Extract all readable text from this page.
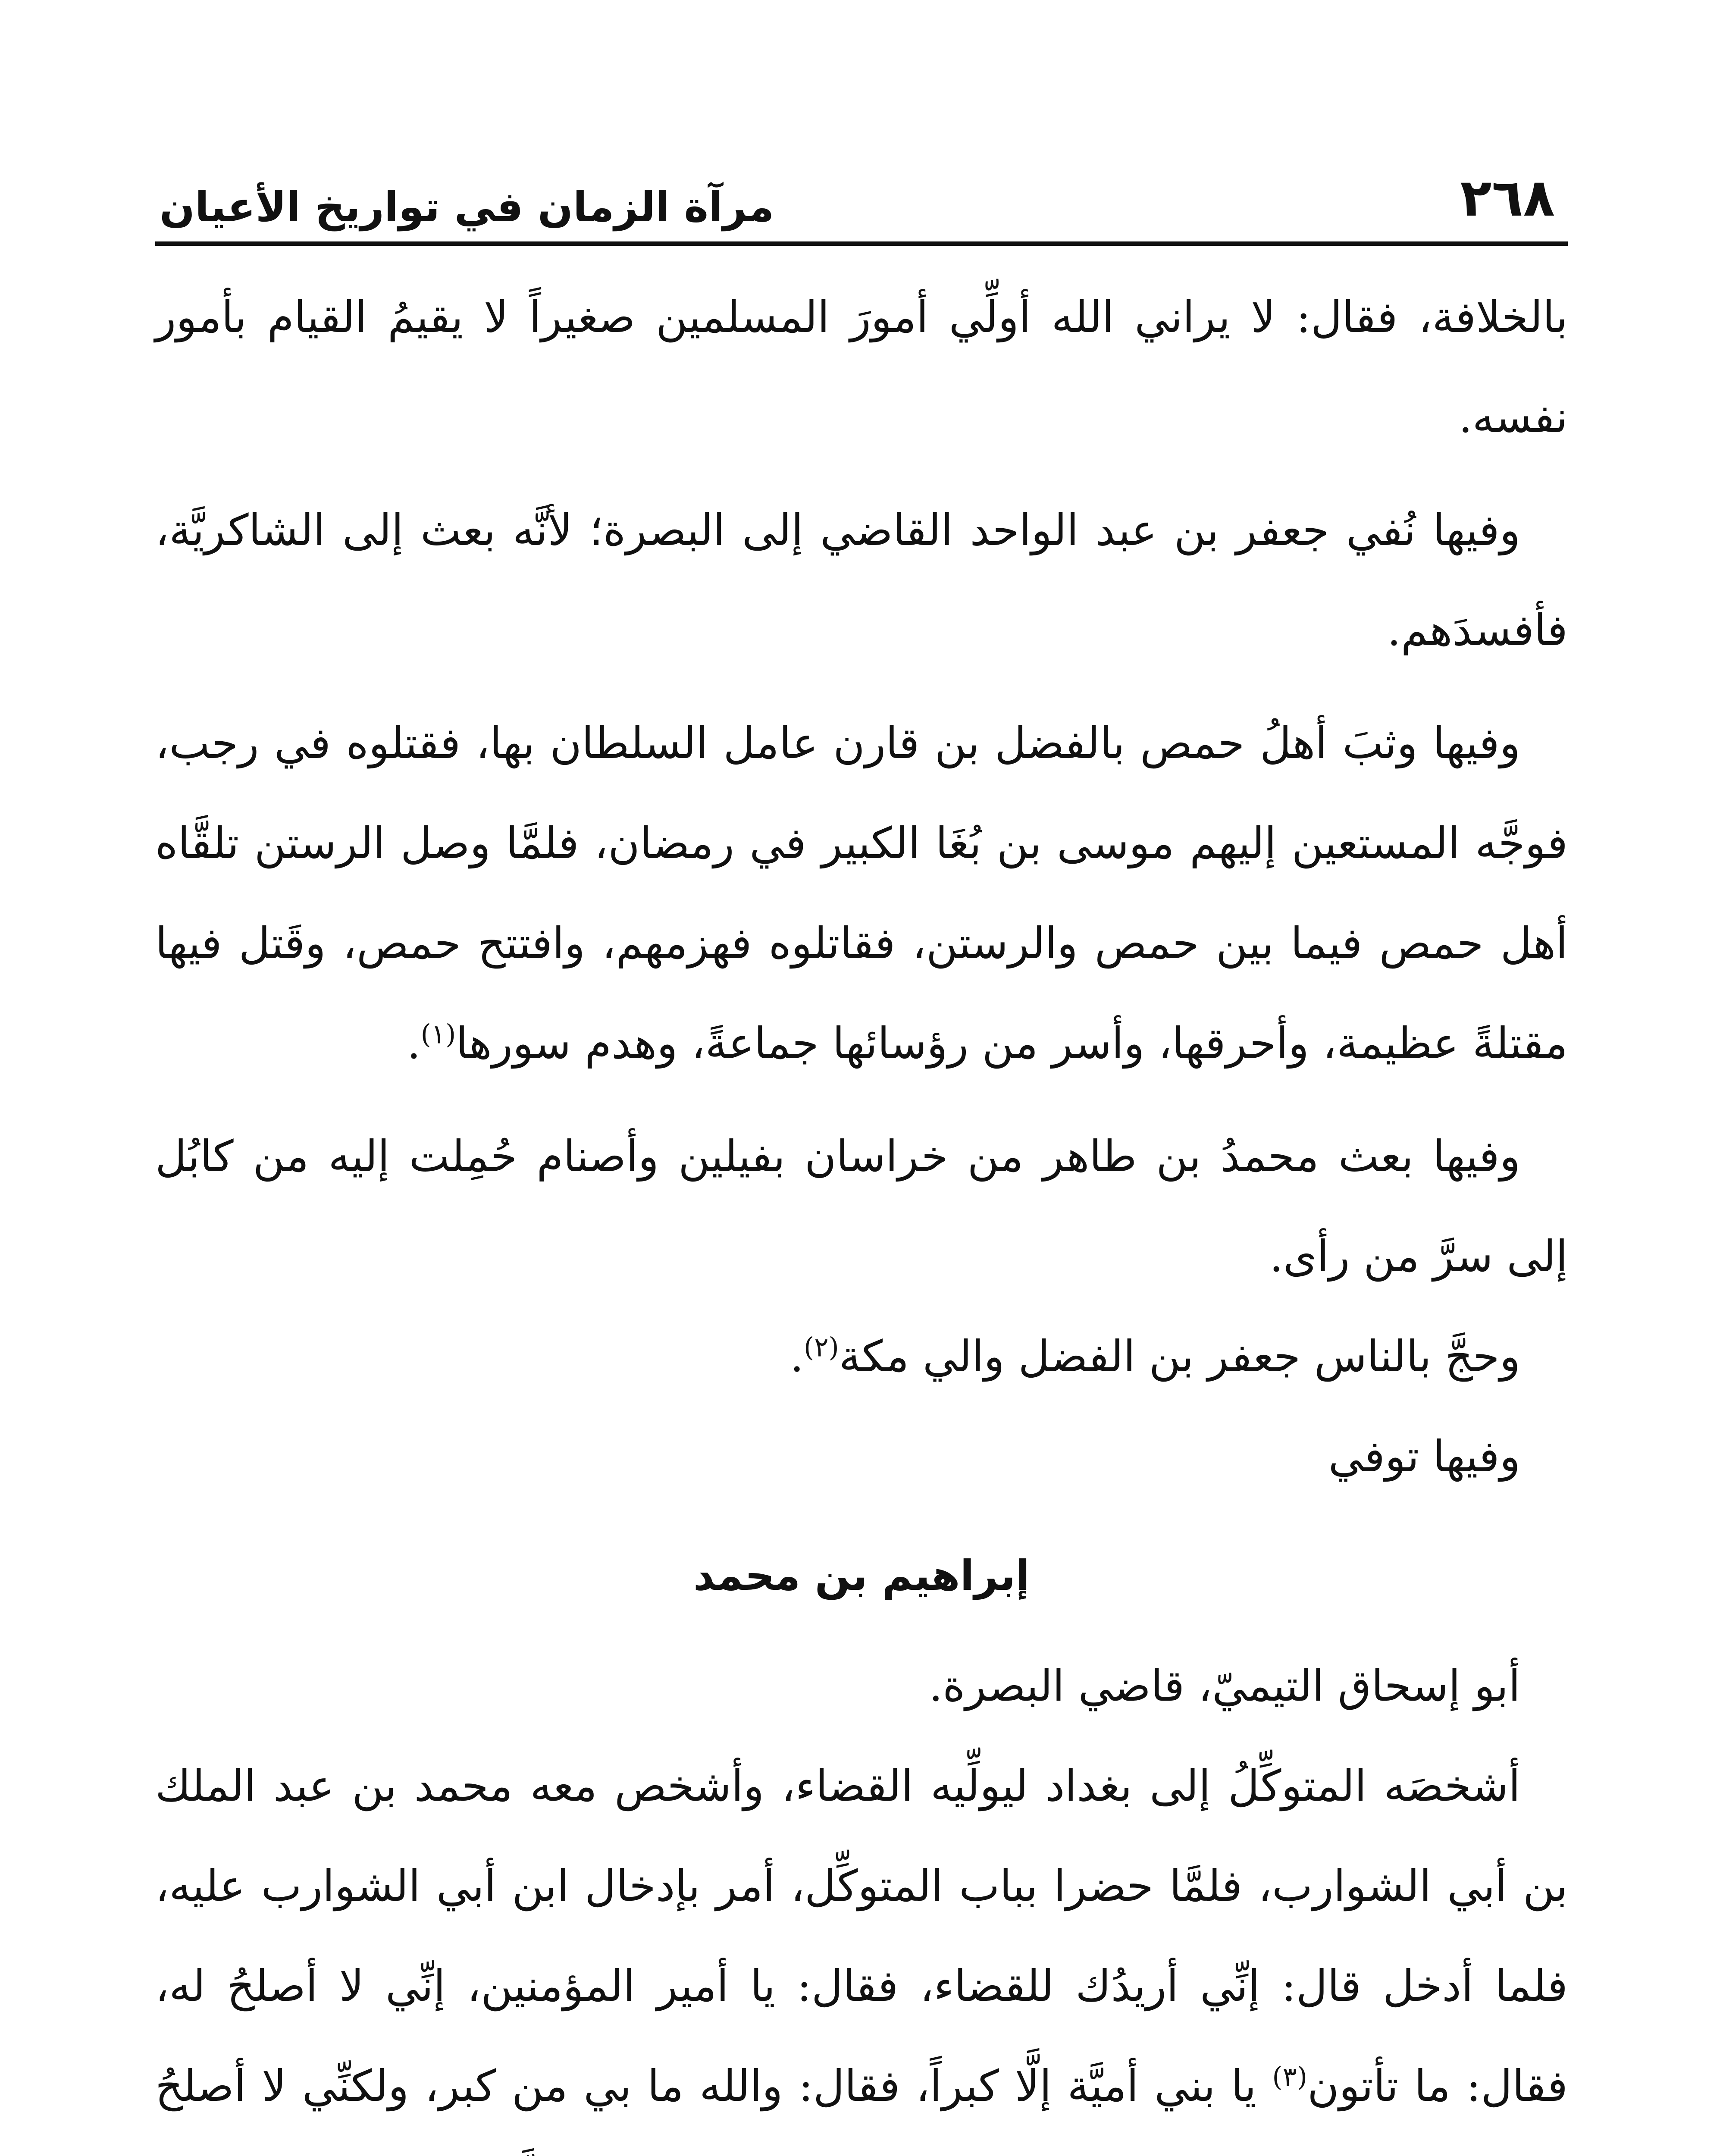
٢٦٨
مرآة الزمان في تواريخ الأعيان

بالخلافة، فقال: لا يراني الله أولِّي أمورَ المسلمين صغيراً لا يقيمُ القيام بأمور نفسه.

وفيها نُفي جعفر بن عبد الواحد القاضي إلى البصرة؛ لأنَّه بعث إلى الشاكريَّة، فأفسدَهم.

وفيها وثبَ أهلُ حمص بالفضل بن قارن عامل السلطان بها، فقتلوه في رجب، فوجَّه المستعين إليهم موسى بن بُغَا الكبير في رمضان، فلمَّا وصل الرستن تلقَّاه أهل حمص فيما بين حمص والرستن، فقاتلوه فهزمهم، وافتتح حمص، وقَتل فيها مقتلةً عظيمة، وأحرقها، وأسر من رؤسائها جماعةً، وهدم سورها$^{(١)}$.

وفيها بعث محمدُ بن طاهر من خراسان بفيلين وأصنام حُمِلت إليه من كابُل إلى سرَّ من رأى.

وحجَّ بالناس جعفر بن الفضل والي مكة$^{(٢)}$.

وفيها توفي

إبراهيم بن محمد

أبو إسحاق التيميّ، قاضي البصرة.

أشخصَه المتوكِّلُ إلى بغداد ليولِّيه القضاء، وأشخص معه محمد بن عبد الملك بن أبي الشوارب، فلمَّا حضرا بباب المتوكِّل، أمر بإدخال ابن أبي الشوارب عليه، فلما أدخل قال: إنِّي أريدُك للقضاء، فقال: يا أمير المؤمنين، إنِّي لا أصلحُ له، فقال: ما تأتون$^{(٣)}$ يا بني أميَّة إلَّا كبراً، فقال: والله ما بي من كبر، ولكنِّي لا أصلحُ
